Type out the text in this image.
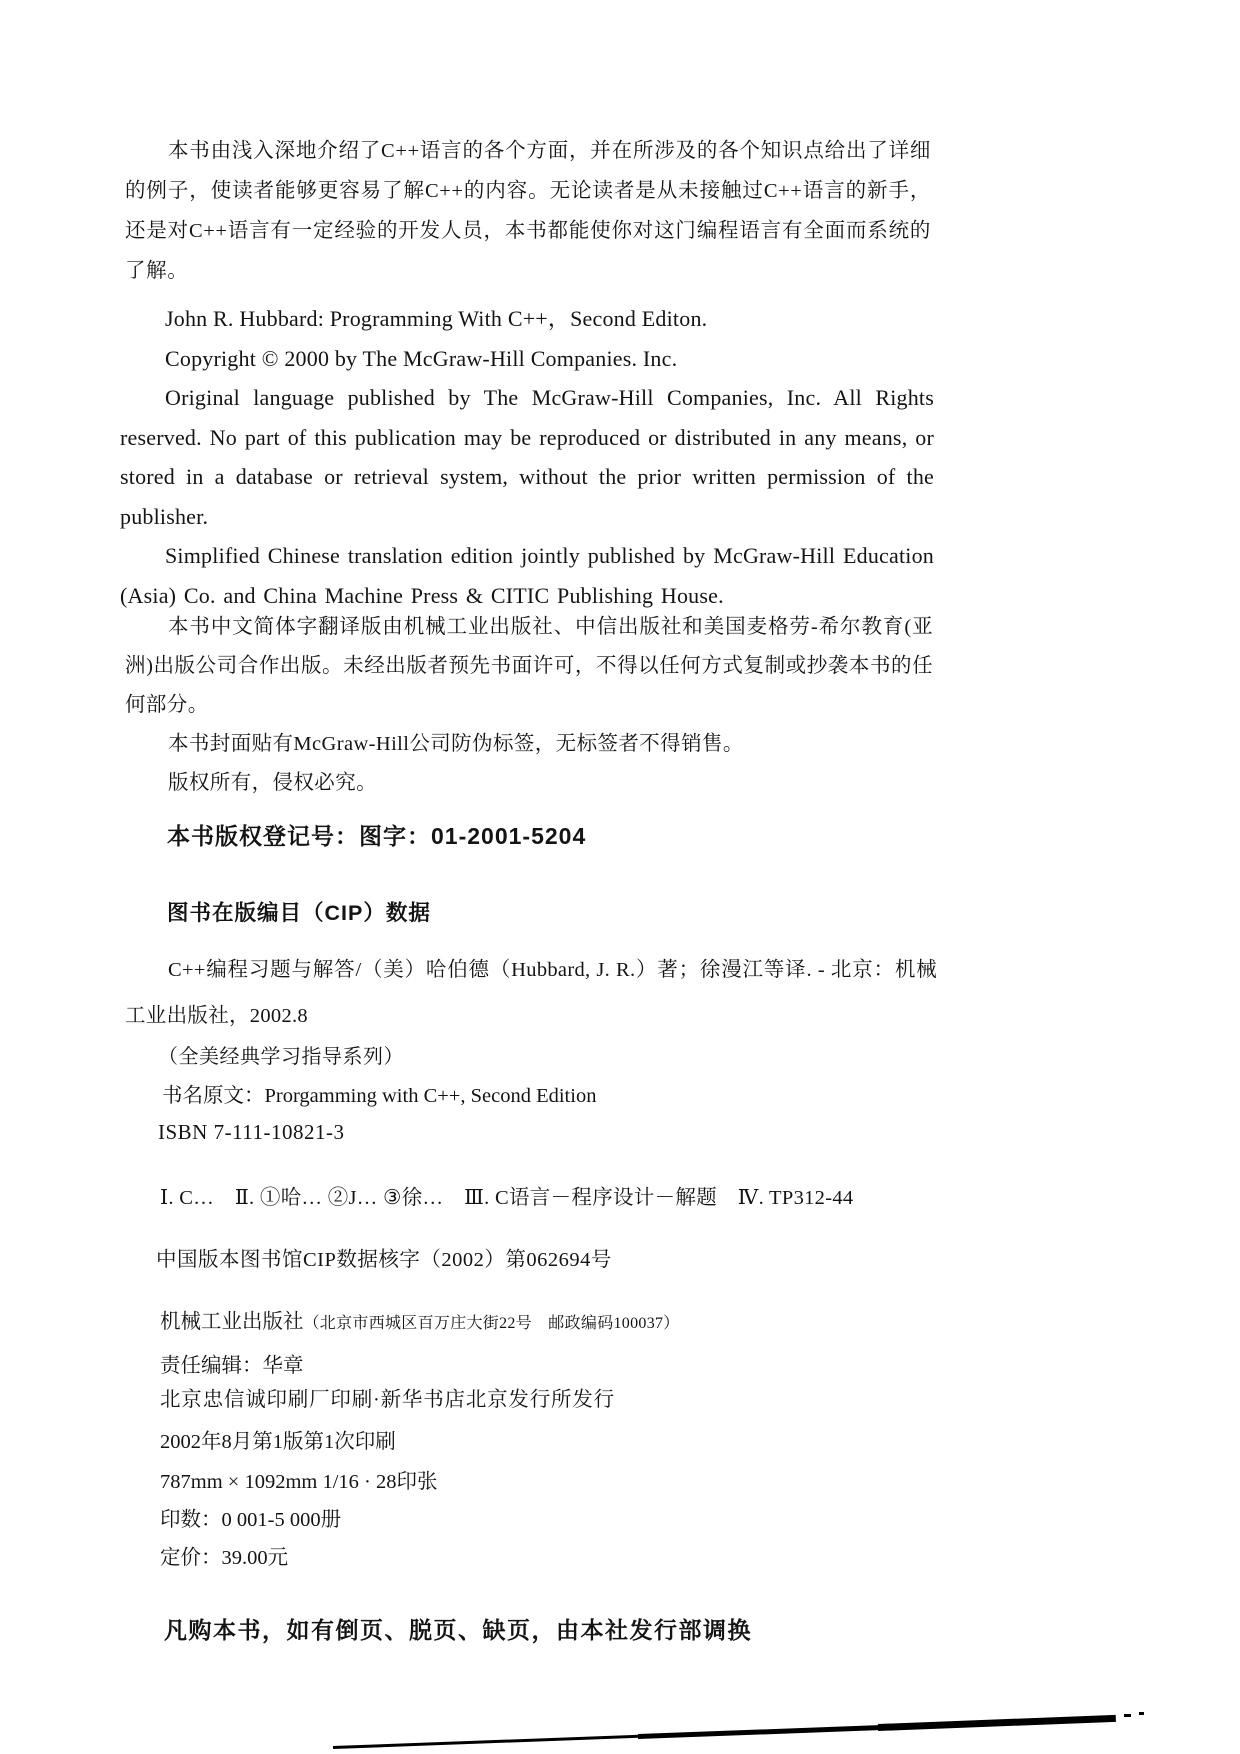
本书由浅入深地介绍了C++语言的各个方面，并在所涉及的各个知识点给出了详细的例子，使读者能够更容易了解C++的内容。无论读者是从未接触过C++语言的新手，还是对C++语言有一定经验的开发人员，本书都能使你对这门编程语言有全面而系统的了解。

John R. Hubbard: Programming With C++，Second Editon.

Copyright © 2000 by The McGraw-Hill Companies. Inc.

Original language published by The McGraw-Hill Companies, Inc. All Rights reserved. No part of this publication may be reproduced or distributed in any means, or stored in a database or retrieval system, without the prior written permission of the publisher.

Simplified Chinese translation edition jointly published by McGraw-Hill Education (Asia) Co. and China Machine Press & CITIC Publishing House.

本书中文简体字翻译版由机械工业出版社、中信出版社和美国麦格劳-希尔教育(亚洲)出版公司合作出版。未经出版者预先书面许可，不得以任何方式复制或抄袭本书的任何部分。

本书封面贴有McGraw-Hill公司防伪标签，无标签者不得销售。

版权所有，侵权必究。

本书版权登记号：图字：01-2001-5204

图书在版编目（CIP）数据

C++编程习题与解答/（美）哈伯德（Hubbard, J. R.）著；徐漫江等译. - 北京：机械工业出版社，2002.8

（全美经典学习指导系列）

书名原文：Prorgamming with C++, Second Edition

ISBN 7-111-10821-3

Ⅰ. C…　Ⅱ. ①哈… ②J… ③徐…　Ⅲ. C语言－程序设计－解题　Ⅳ. TP312-44

中国版本图书馆CIP数据核字（2002）第062694号

机械工业出版社（北京市西城区百万庄大街22号　邮政编码100037）

责任编辑：华章

北京忠信诚印刷厂印刷·新华书店北京发行所发行

2002年8月第1版第1次印刷

787mm × 1092mm 1/16 · 28印张

印数：0 001-5 000册

定价：39.00元

凡购本书，如有倒页、脱页、缺页，由本社发行部调换
